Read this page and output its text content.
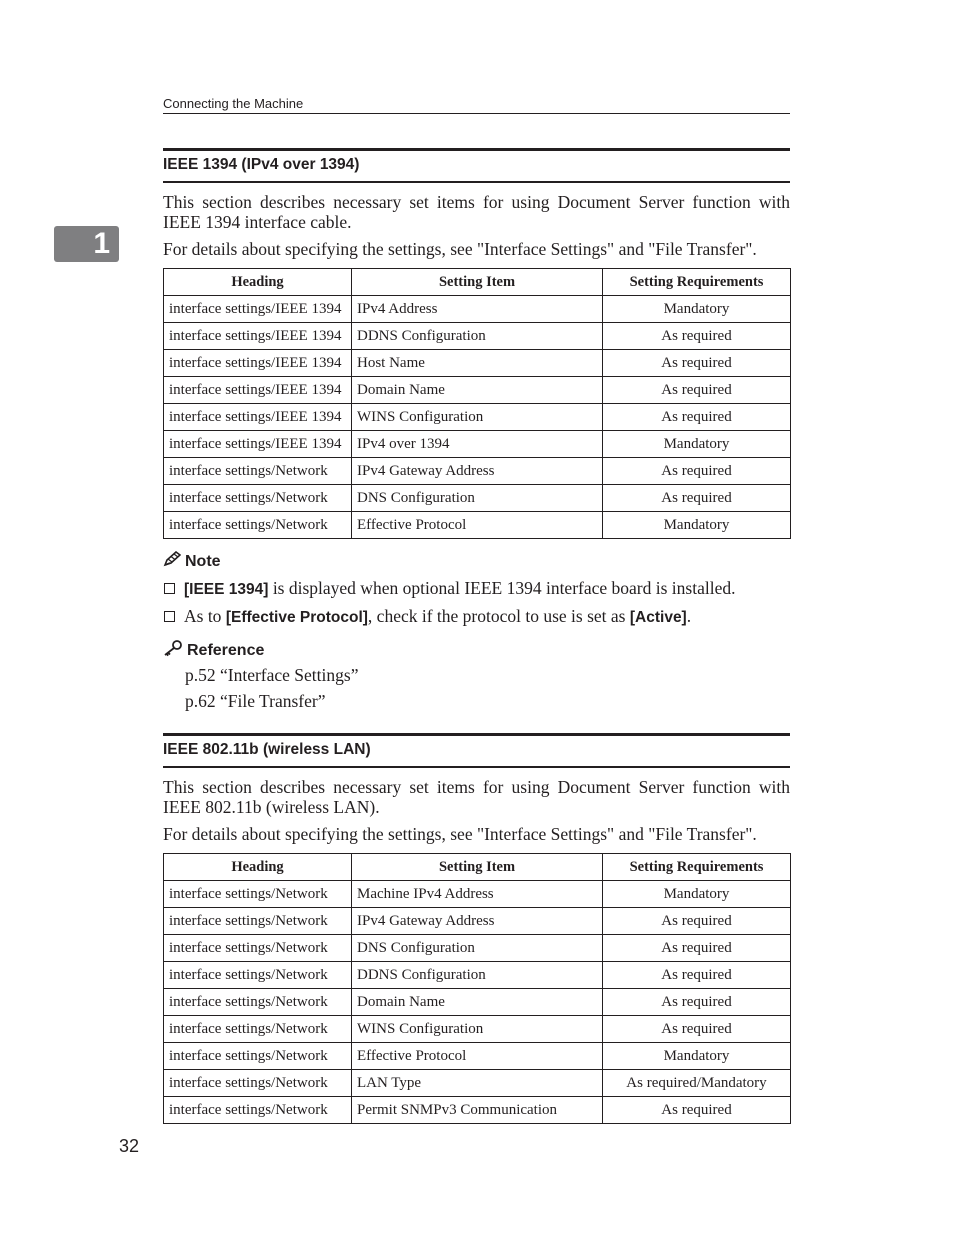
Connecting the Machine
1
IEEE 1394 (IPv4 over 1394)

This section describes necessary set items for using Document Server function with IEEE 1394 interface cable.

For details about specifying the settings, see "Interface Settings" and "File Transfer".

Heading	Setting Item	Setting Requirements
interface settings/IEEE 1394	IPv4 Address	Mandatory
interface settings/IEEE 1394	DDNS Configuration	As required
interface settings/IEEE 1394	Host Name	As required
interface settings/IEEE 1394	Domain Name	As required
interface settings/IEEE 1394	WINS Configuration	As required
interface settings/IEEE 1394	IPv4 over 1394	Mandatory
interface settings/Network	IPv4 Gateway Address	As required
interface settings/Network	DNS Configuration	As required
interface settings/Network	Effective Protocol	Mandatory
Note
[IEEE 1394] is displayed when optional IEEE 1394 interface board is installed.
As to [Effective Protocol], check if the protocol to use is set as [Active].
Reference
p.52 “Interface Settings”
p.62 “File Transfer”
IEEE 802.11b (wireless LAN)

This section describes necessary set items for using Document Server function with IEEE 802.11b (wireless LAN).

For details about specifying the settings, see "Interface Settings" and "File Transfer".

Heading	Setting Item	Setting Requirements
interface settings/Network	Machine IPv4 Address	Mandatory
interface settings/Network	IPv4 Gateway Address	As required
interface settings/Network	DNS Configuration	As required
interface settings/Network	DDNS Configuration	As required
interface settings/Network	Domain Name	As required
interface settings/Network	WINS Configuration	As required
interface settings/Network	Effective Protocol	Mandatory
interface settings/Network	LAN Type	As required/Mandatory
interface settings/Network	Permit SNMPv3 Communication	As required
32
